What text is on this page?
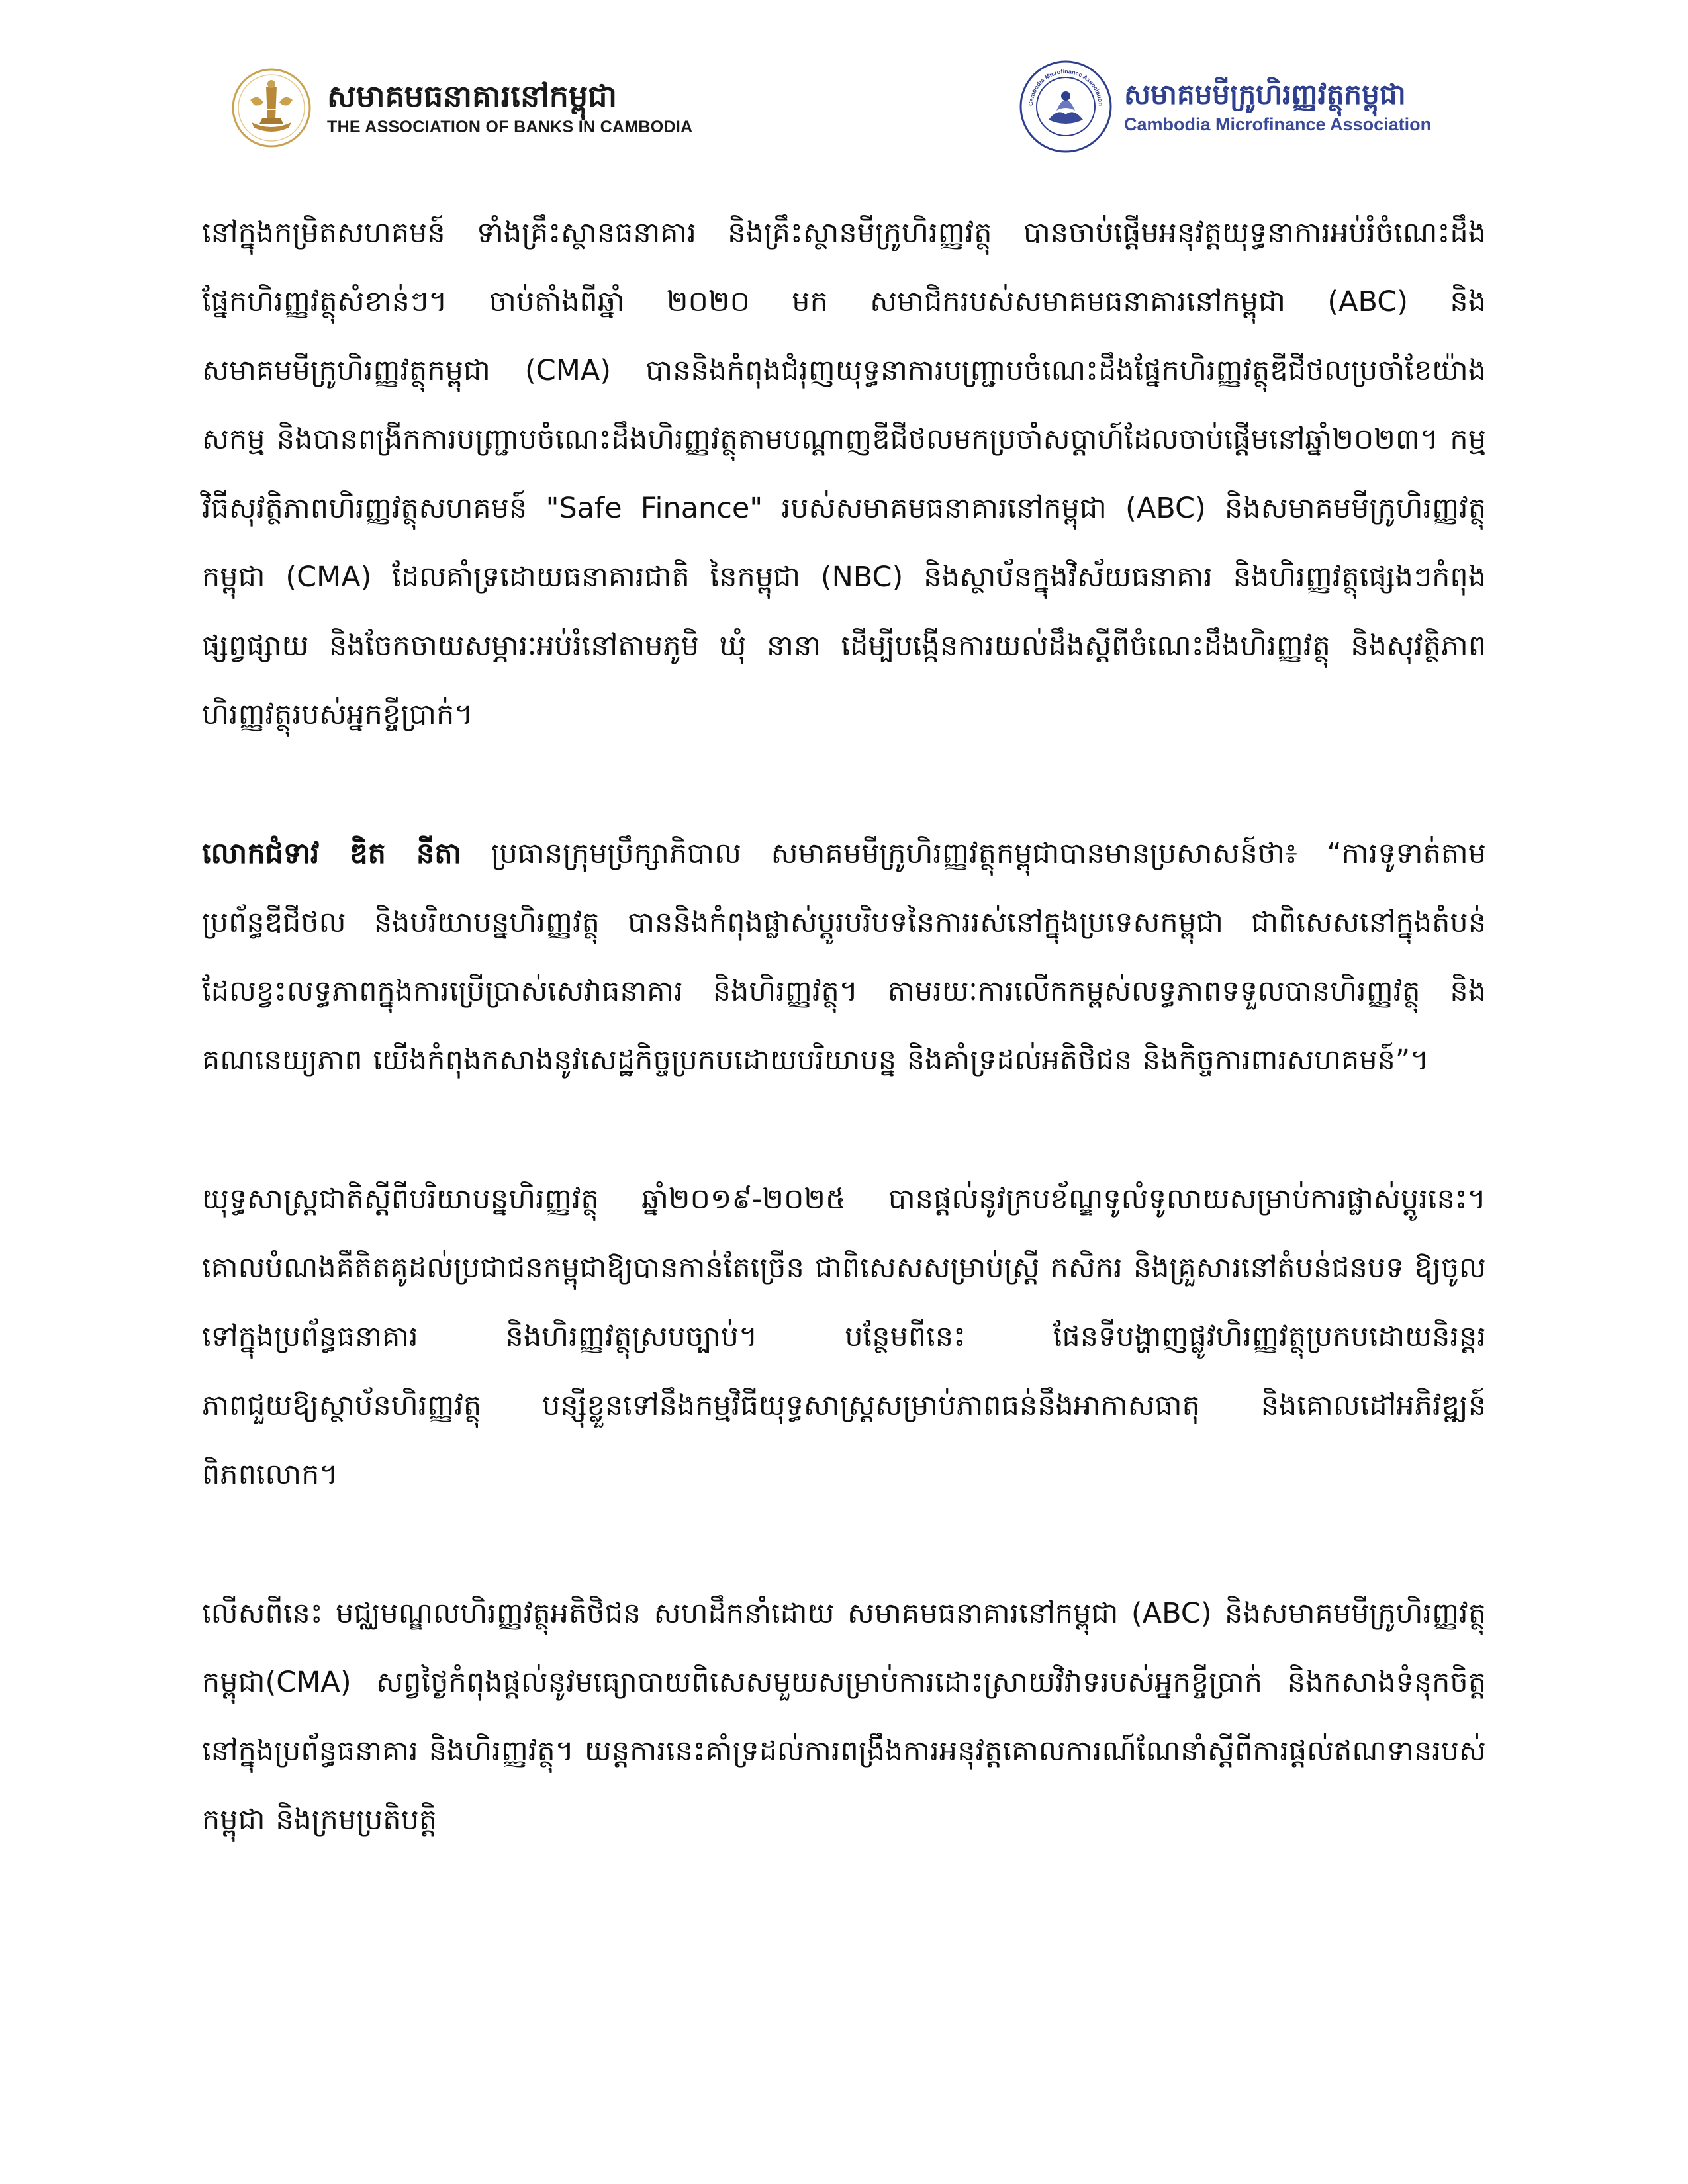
សមាគមធនាគារនៅកម្ពុជា
THE ASSOCIATION OF BANKS IN CAMBODIA
Cambodia Microfinance Association សមាគមមីក្រូហិរញ្ញវត្ថុកម្ពុជា
Cambodia Microfinance Association

នៅក្នុងកម្រិតសហគមន៍ ទាំងគ្រឹះស្ថានធនាគារ និងគ្រឹះស្ថានមីក្រូហិរញ្ញវត្ថុ បានចាប់ផ្តើមអនុវត្តយុទ្ធនាការអប់រំចំណេះដឹងផ្នែកហិរញ្ញវត្ថុសំខាន់ៗ។ ចាប់តាំងពីឆ្នាំ ២០២០ មក សមាជិករបស់សមាគមធនាគារនៅកម្ពុជា (ABC) និងសមាគមមីក្រូហិរញ្ញវត្ថុកម្ពុជា (CMA) បាននិងកំពុងជំរុញយុទ្ធនាការបញ្រ្ជាបចំណេះដឹងផ្នែកហិរញ្ញវត្ថុឌីជីថលប្រចាំខែយ៉ាងសកម្ម និងបានពង្រីកការបញ្រ្ជាបចំណេះដឹងហិរញ្ញវត្ថុតាមបណ្ដាញឌីជីថលមកប្រចាំសប្តាហ៍ដែលចាប់ផ្តើមនៅឆ្នាំ២០២៣។ កម្មវិធីសុវត្ថិភាពហិរញ្ញវត្ថុសហគមន៍ "Safe Finance" របស់សមាគមធនាគារនៅកម្ពុជា (ABC) និងសមាគមមីក្រូហិរញ្ញវត្ថុកម្ពុជា (CMA) ដែលគាំទ្រដោយធនាគារជាតិ នៃកម្ពុជា (NBC) និងស្ថាប័នក្នុងវិស័យធនាគារ និងហិរញ្ញវត្ថុផ្សេងៗកំពុងផ្សព្វផ្សាយ និងចែកចាយសម្ភារៈអប់រំនៅតាមភូមិ ឃុំ នានា ដើម្បីបង្កើនការយល់ដឹងស្តីពីចំណេះដឹងហិរញ្ញវត្ថុ និងសុវត្ថិភាពហិរញ្ញវត្ថុរបស់អ្នកខ្ចីប្រាក់។

លោកជំទាវ ឌិត នីតា ប្រធានក្រុមប្រឹក្សាភិបាល សមាគមមីក្រូហិរញ្ញវត្ថុកម្ពុជាបានមានប្រសាសន៍ថា៖ “ការទូទាត់តាមប្រព័ន្ធឌីជីថល និងបរិយាបន្នហិរញ្ញវត្ថុ បាននិងកំពុងផ្លាស់ប្តូរបរិបទនៃការរស់នៅក្នុងប្រទេសកម្ពុជា ជាពិសេសនៅក្នុងតំបន់ដែលខ្វះលទ្ធភាពក្នុងការប្រើប្រាស់សេវាធនាគារ និងហិរញ្ញវត្ថុ។ តាមរយៈការលើកកម្ពស់លទ្ធភាពទទួលបានហិរញ្ញវត្ថុ និងគណនេយ្យភាព យើងកំពុងកសាងនូវសេដ្ឋកិច្ចប្រកបដោយបរិយាបន្ន និងគាំទ្រដល់អតិថិជន និងកិច្ចការពារសហគមន៍”។

យុទ្ធសាស្ត្រជាតិស្តីពីបរិយាបន្នហិរញ្ញវត្ថុ ឆ្នាំ២០១៩-២០២៥ បានផ្តល់នូវក្របខ័ណ្ឌទូលំទូលាយសម្រាប់ការផ្លាស់ប្តូរនេះ។ គោលបំណងគឺតិតគូដល់ប្រជាជនកម្ពុជាឱ្យបានកាន់តែច្រើន ជាពិសេសសម្រាប់ស្ត្រី កសិករ និងគ្រួសារនៅតំបន់ជនបទ ឱ្យចូលទៅក្នុងប្រព័ន្ធធនាគារ និងហិរញ្ញវត្ថុស្របច្បាប់។ បន្ថែមពីនេះ ផែនទីបង្ហាញផ្លូវហិរញ្ញវត្ថុប្រកបដោយនិរន្តរភាពជួយឱ្យស្ថាប័នហិរញ្ញវត្ថុ បន្សុីខ្លួនទៅនឹងកម្មវិធីយុទ្ធសាស្ត្រសម្រាប់ភាពធន់នឹងអាកាសធាតុ និងគោលដៅអភិវឌ្ឍន៍ពិភពលោក។

លើសពីនេះ មជ្ឈមណ្ឌលហិរញ្ញវត្ថុអតិថិជន សហដឹកនាំដោយ សមាគមធនាគារនៅកម្ពុជា (ABC) និងសមាគមមីក្រូហិរញ្ញវត្ថុកម្ពុជា(CMA) សព្វថ្ងៃកំពុងផ្តល់នូវមធ្យោបាយពិសេសមួយសម្រាប់ការដោះស្រាយវិវាទរបស់អ្នកខ្ចីប្រាក់ និងកសាងទំនុកចិត្តនៅក្នុងប្រព័ន្ធធនាគារ និងហិរញ្ញវត្ថុ។ យន្តការនេះគាំទ្រដល់ការពង្រឹងការអនុវត្តគោលការណ៍ណែនាំស្តីពីការផ្តល់ឥណទានរបស់កម្ពុជា និងក្រមប្រតិបត្តិ
